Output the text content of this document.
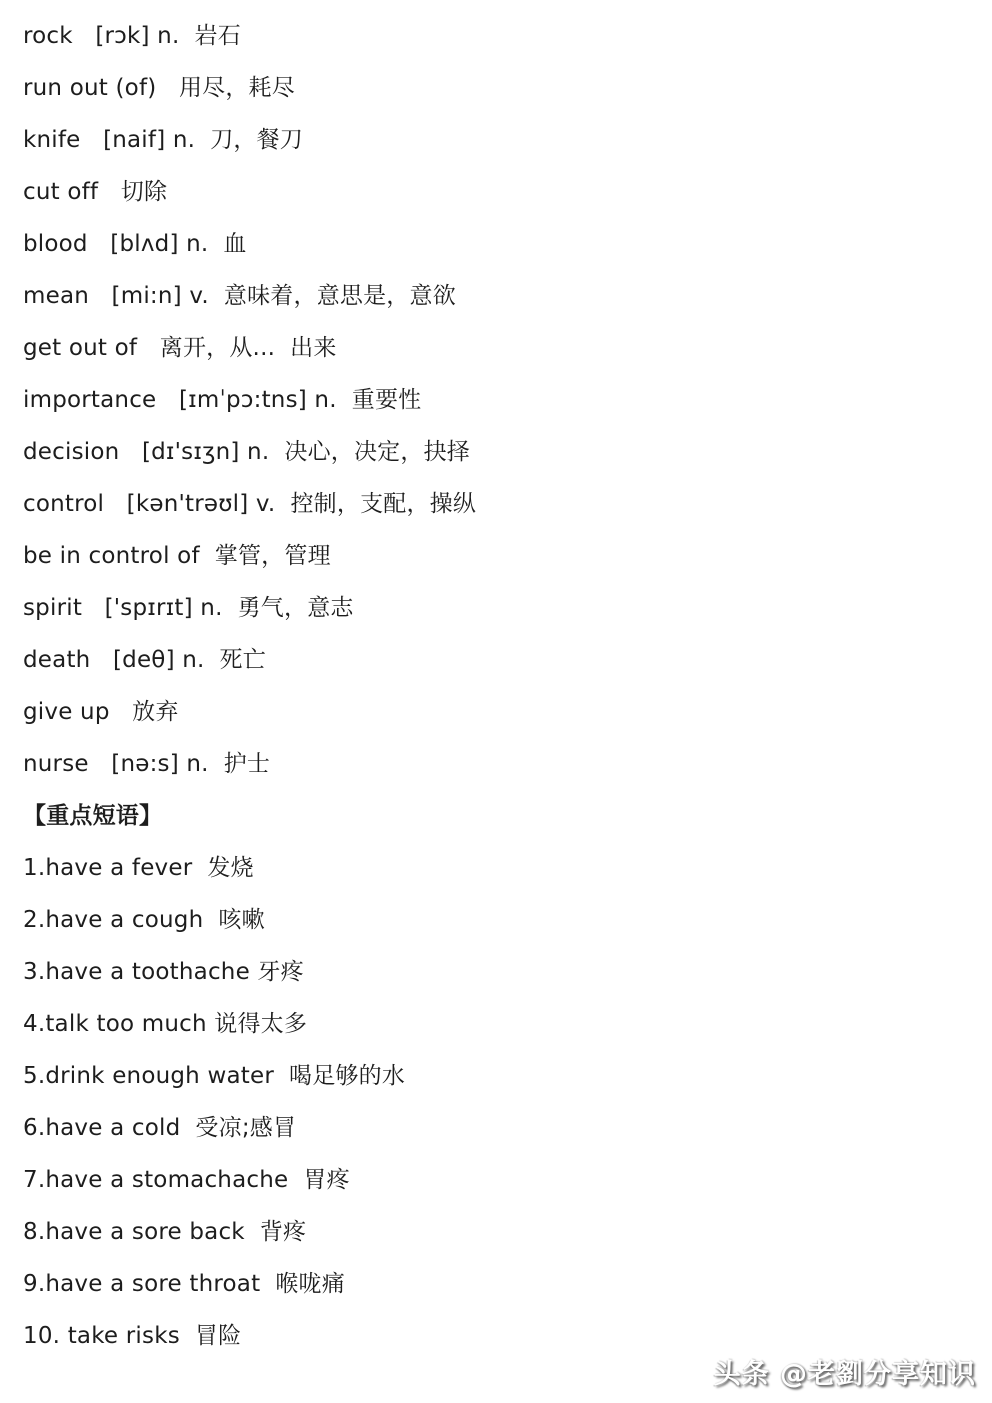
rock   [rɔk] n.  岩石
run out (of)   用尽，耗尽
knife   [naif] n.  刀，餐刀
cut off   切除
blood   [blʌd] n.  血
mean   [mi:n] v.  意味着，意思是，意欲
get out of   离开，从...  出来
importance   [ɪmˈpɔ:tns] n.  重要性
decision   [dɪ'sɪʒn] n.  决心，决定，抉择
control   [kən'trəʊl] v.  控制，支配，操纵
be in control of  掌管，管理
spirit   ['spɪrɪt] n.  勇气，意志
death   [deθ] n.  死亡
give up   放弃
nurse   [nə:s] n.  护士
【重点短语】
1.have a fever  发烧
2.have a cough  咳嗽
3.have a toothache 牙疼
4.talk too much 说得太多
5.drink enough water  喝足够的水
6.have a cold  受凉;感冒
7.have a stomachache  胃疼
8.have a sore back  背疼
9.have a sore throat  喉咙痛
10. take risks  冒险
头条 @老劉分享知识
